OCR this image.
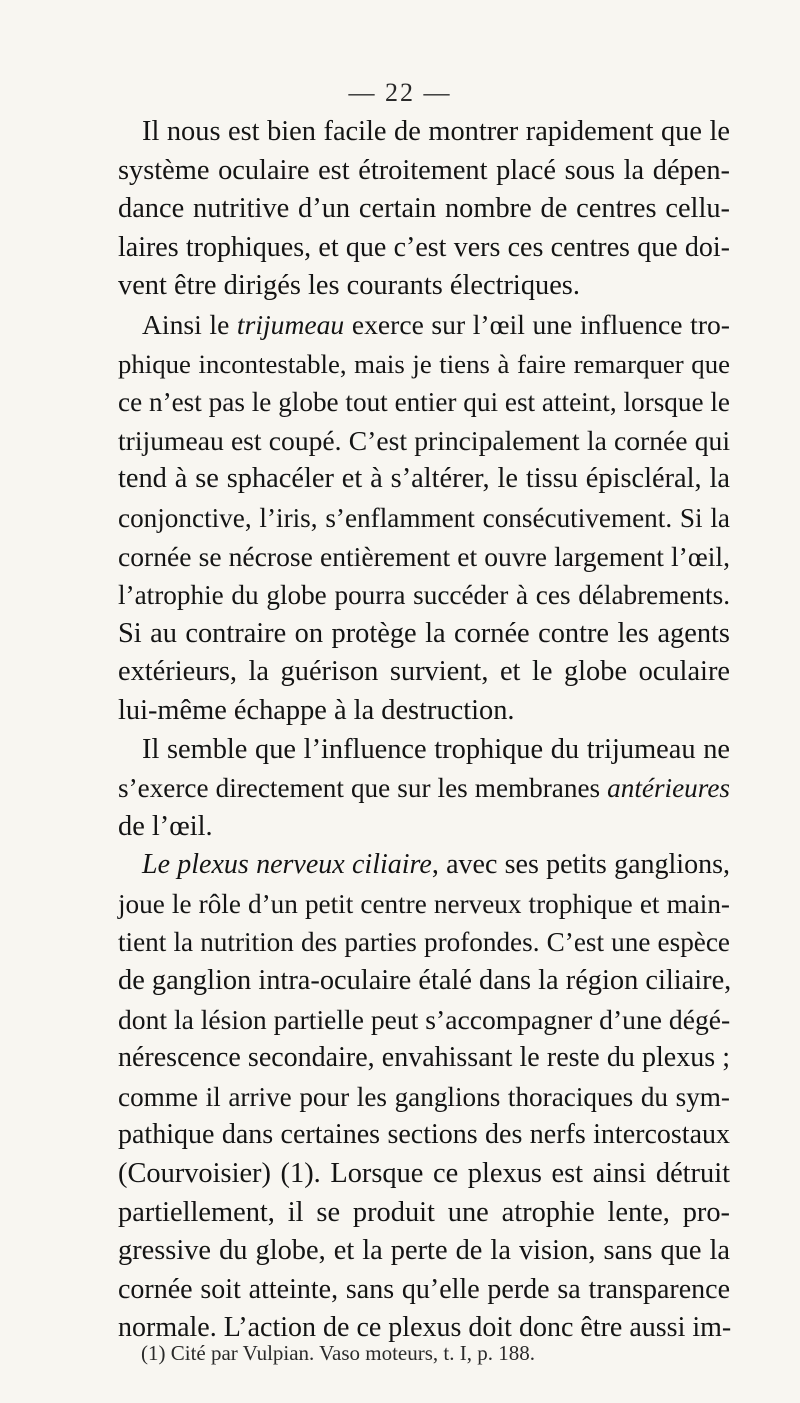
— 22 —
Il nous est bien facile de montrer rapidement que le
système oculaire est étroitement placé sous la dépen-
dance nutritive d’un certain nombre de centres cellu-
laires trophiques, et que c’est vers ces centres que doi-
vent être dirigés les courants électriques.
Ainsi le trijumeau exerce sur l’œil une influence tro-
phique incontestable, mais je tiens à faire remarquer que
ce n’est pas le globe tout entier qui est atteint, lorsque le
trijumeau est coupé. C’est principalement la cornée qui
tend à se sphacéler et à s’altérer, le tissu épiscléral, la
conjonctive, l’iris, s’enflamment consécutivement. Si la
cornée se nécrose entièrement et ouvre largement l’œil,
l’atrophie du globe pourra succéder à ces délabrements.
Si au contraire on protège la cornée contre les agents
extérieurs, la guérison survient, et le globe oculaire
lui-même échappe à la destruction.
Il semble que l’influence trophique du trijumeau ne
s’exerce directement que sur les membranes antérieures
de l’œil.
Le plexus nerveux ciliaire, avec ses petits ganglions,
joue le rôle d’un petit centre nerveux trophique et main-
tient la nutrition des parties profondes. C’est une espèce
de ganglion intra-oculaire étalé dans la région ciliaire,
dont la lésion partielle peut s’accompagner d’une dégé-
nérescence secondaire, envahissant le reste du plexus ;
comme il arrive pour les ganglions thoraciques du sym-
pathique dans certaines sections des nerfs intercostaux
(Courvoisier) (1). Lorsque ce plexus est ainsi détruit
partiellement, il se produit une atrophie lente, pro-
gressive du globe, et la perte de la vision, sans que la
cornée soit atteinte, sans qu’elle perde sa transparence
normale. L’action de ce plexus doit donc être aussi im-
(1) Cité par Vulpian. Vaso moteurs, t. I, p. 188.
